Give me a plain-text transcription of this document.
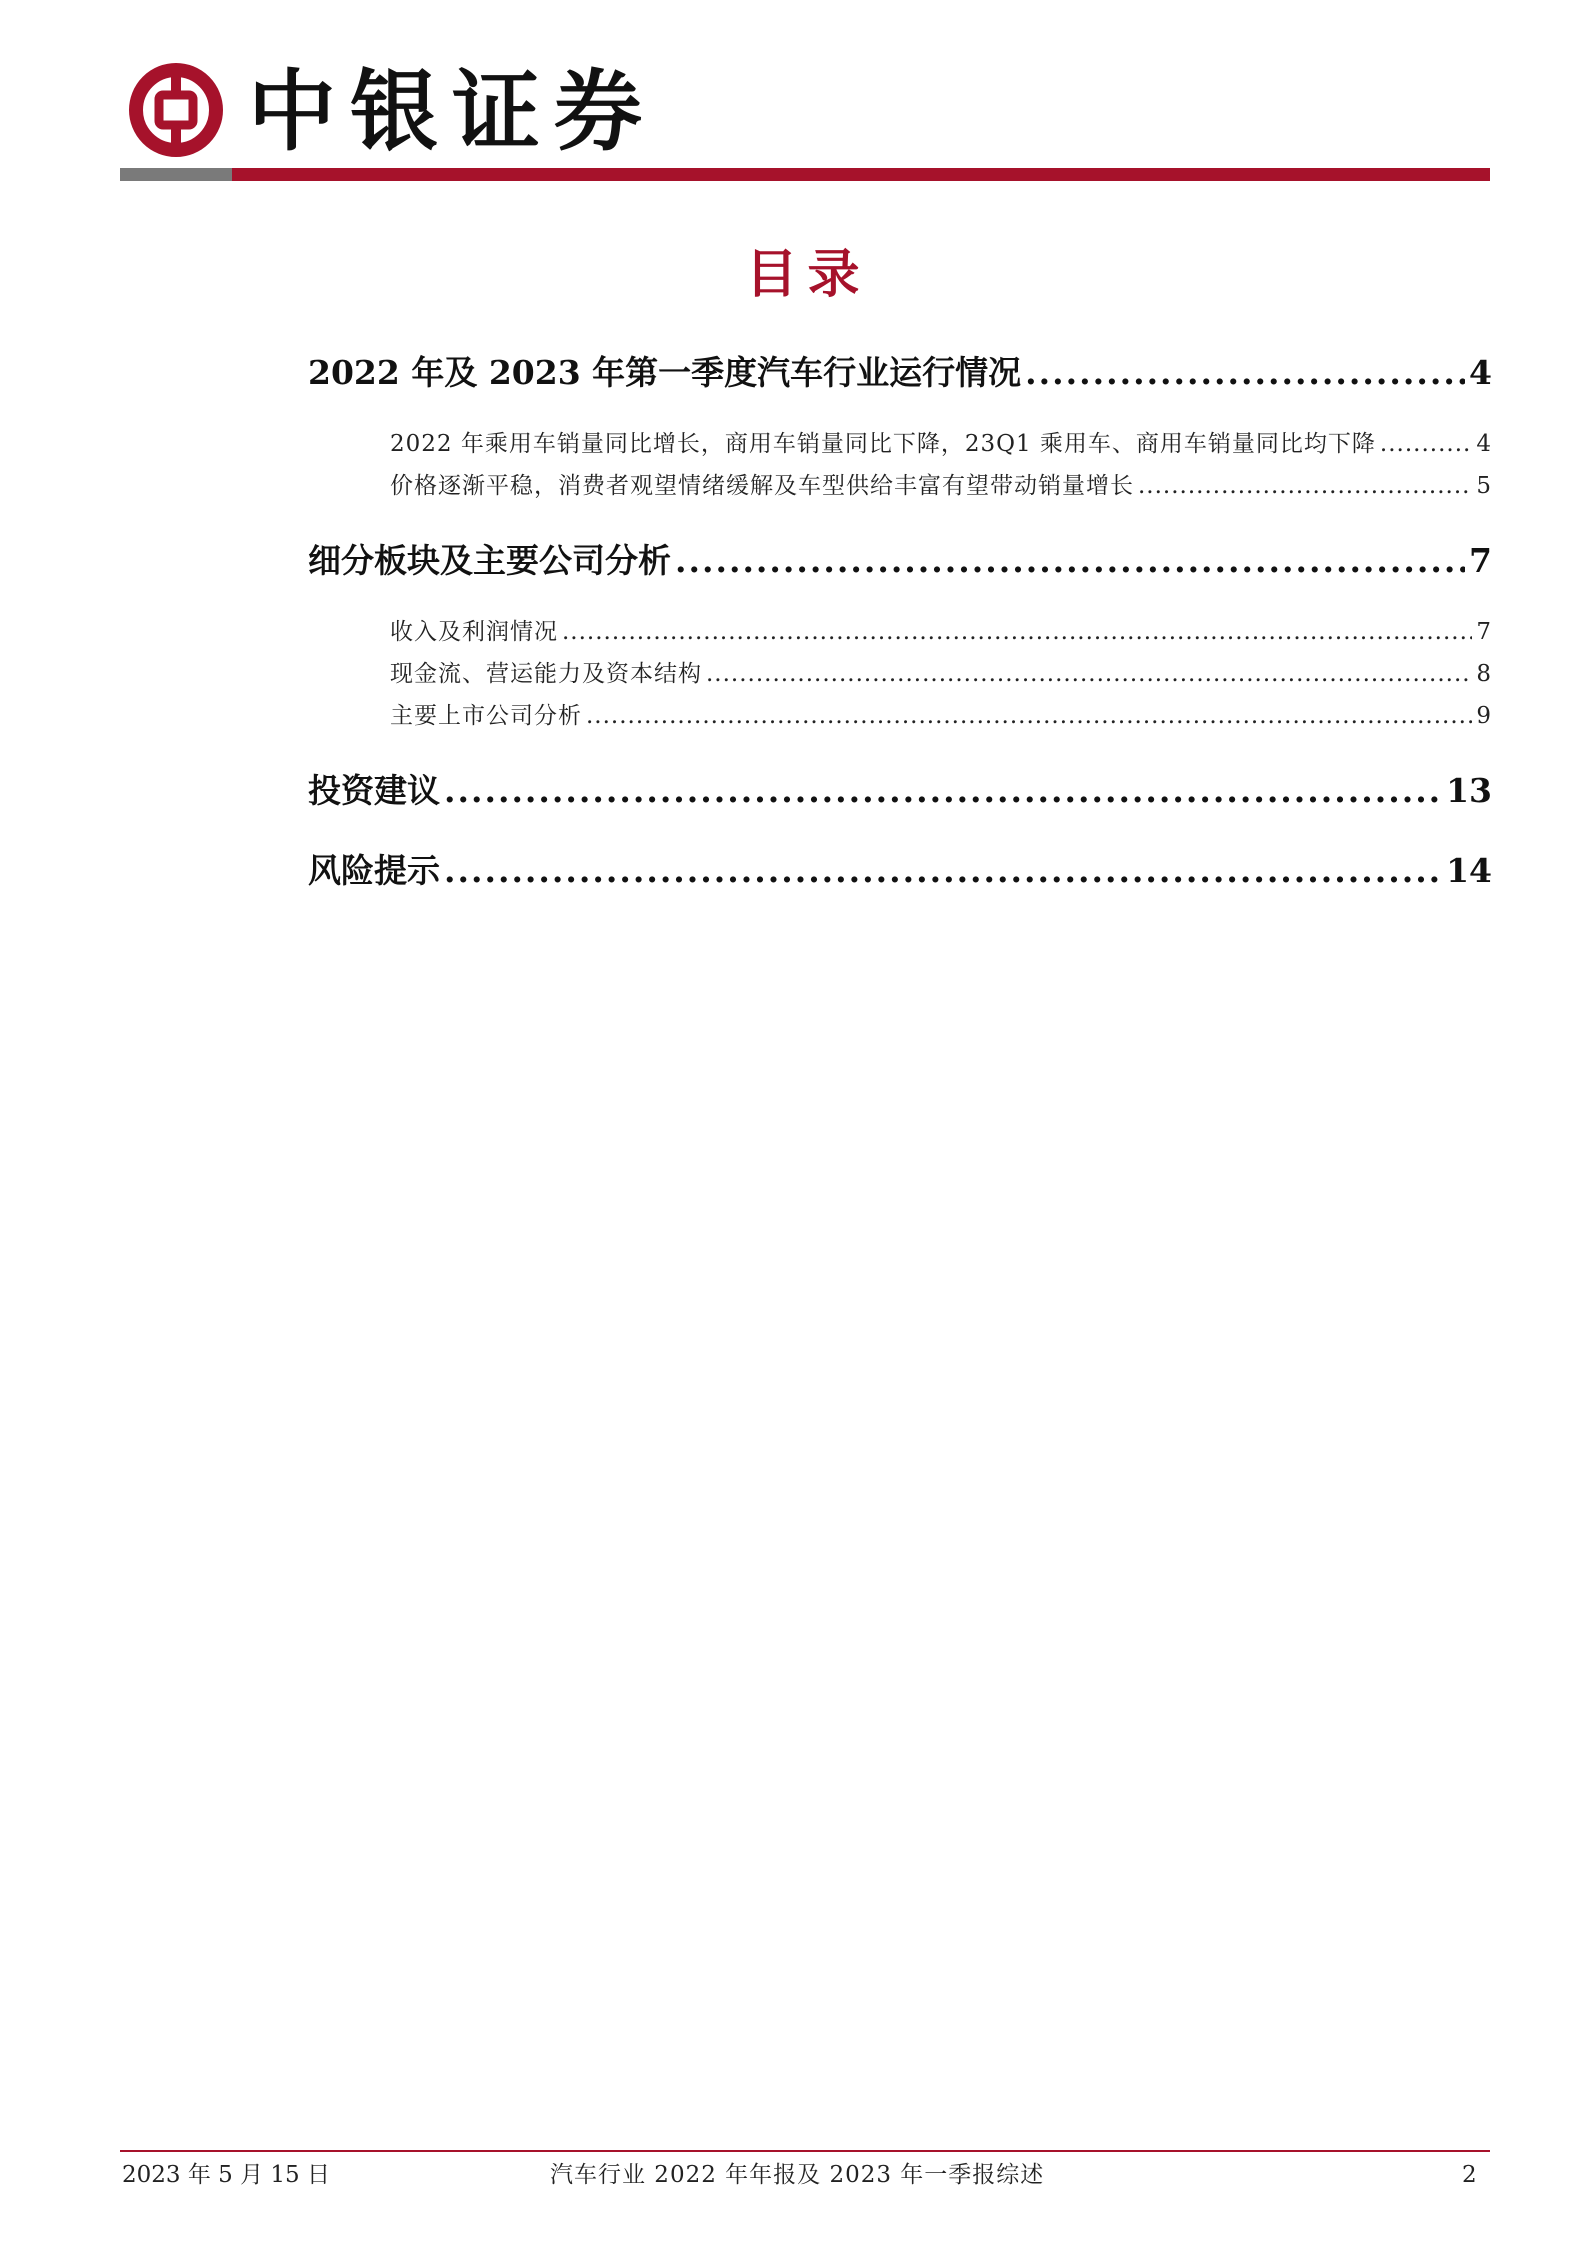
中银证券
目录
2022 年及 2023 年第一季度汽车行业运行情况 .....	4
2022 年乘用车销量同比增长，商用车销量同比下降，23Q1 乘用车、商用车销量同比均下降 .....	4
价格逐渐平稳，消费者观望情绪缓解及车型供给丰富有望带动销量增长 .....	5
细分板块及主要公司分析 .....	7
收入及利润情况 .....	7
现金流、营运能力及资本结构 .....	8
主要上市公司分析 .....	9
投资建议 .....	13
风险提示 .....	14
2023 年 5 月 15 日	汽车行业 2022 年年报及 2023 年一季报综述	2
